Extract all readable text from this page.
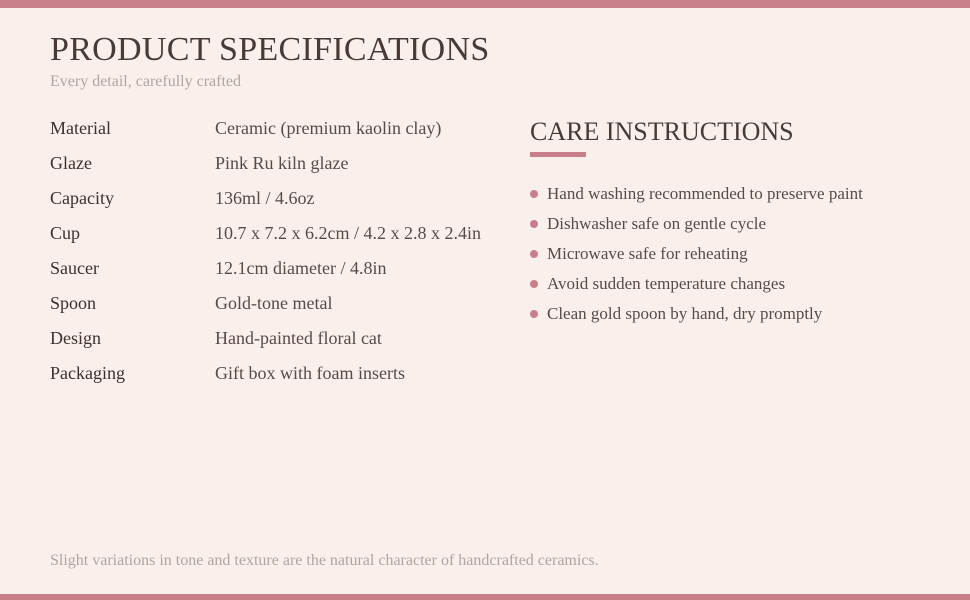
PRODUCT SPECIFICATIONS
Every detail, carefully crafted
Material	Ceramic (premium kaolin clay)
Glaze	Pink Ru kiln glaze
Capacity	136ml / 4.6oz
Cup	10.7 x 7.2 x 6.2cm / 4.2 x 2.8 x 2.4in
Saucer	12.1cm diameter / 4.8in
Spoon	Gold-tone metal
Design	Hand-painted floral cat
Packaging	Gift box with foam inserts
CARE INSTRUCTIONS
Hand washing recommended to preserve paint
Dishwasher safe on gentle cycle
Microwave safe for reheating
Avoid sudden temperature changes
Clean gold spoon by hand, dry promptly
Slight variations in tone and texture are the natural character of handcrafted ceramics.
